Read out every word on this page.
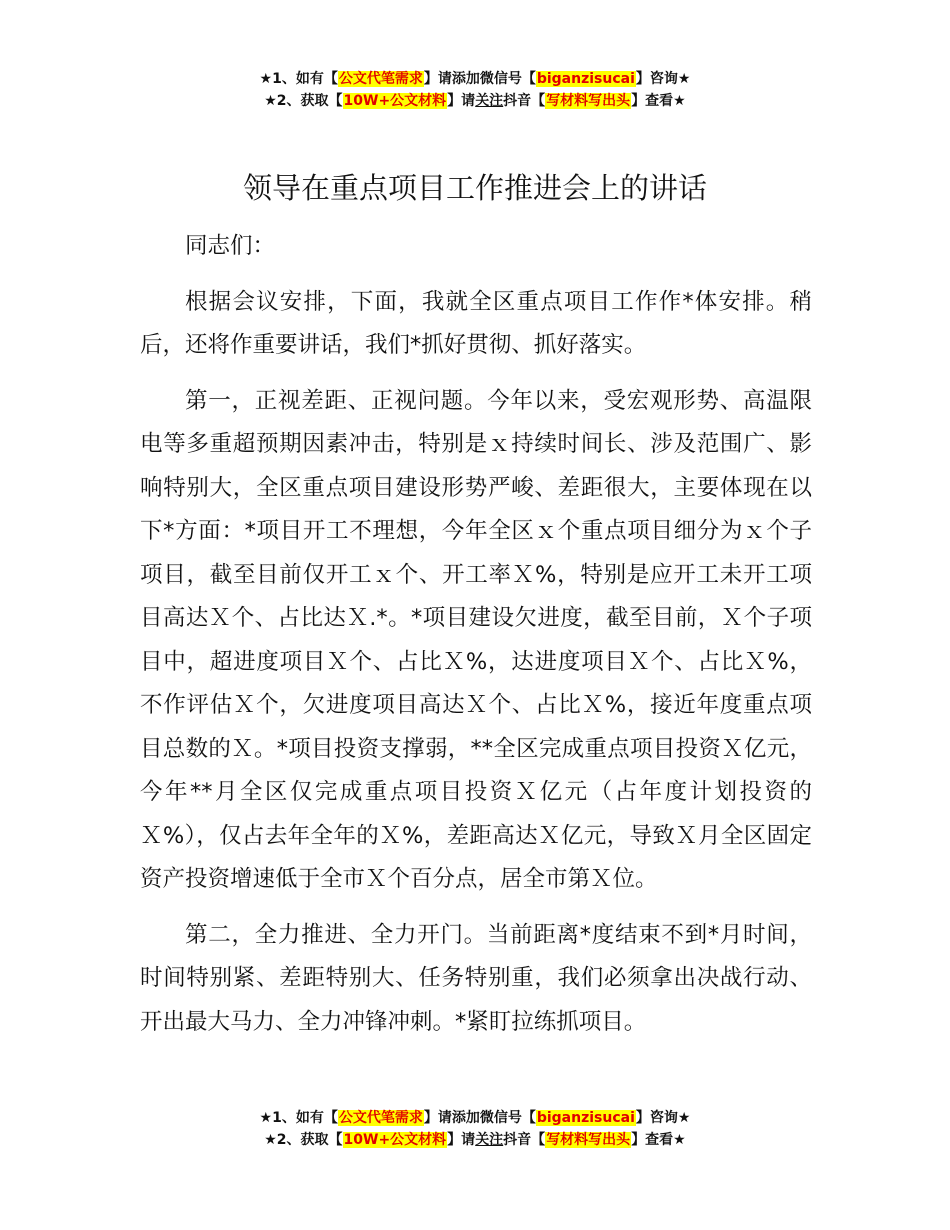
★1、如有【公文代笔需求】请添加微信号【biganzisucai】咨询★
★2、获取【10W+公文材料】请关注抖音【写材料写出头】查看★
领导在重点项目工作推进会上的讲话

同志们：

根据会议安排，下面，我就全区重点项目工作作*体安排。稍后，还将作重要讲话，我们*抓好贯彻、抓好落实。

第一，正视差距、正视问题。今年以来，受宏观形势、高温限电等多重超预期因素冲击，特别是ｘ持续时间长、涉及范围广、影响特别大，全区重点项目建设形势严峻、差距很大，主要体现在以下*方面：*项目开工不理想，今年全区ｘ个重点项目细分为ｘ个子项目，截至目前仅开工ｘ个、开工率Ｘ%，特别是应开工未开工项目高达Ｘ个、占比达Ｘ.*。*项目建设欠进度，截至目前，Ｘ个子项目中，超进度项目Ｘ个、占比Ｘ%，达进度项目Ｘ个、占比Ｘ%，不作评估Ｘ个，欠进度项目高达Ｘ个、占比Ｘ%，接近年度重点项目总数的Ｘ。*项目投资支撑弱，**全区完成重点项目投资Ｘ亿元，今年**月全区仅完成重点项目投资Ｘ亿元（占年度计划投资的Ｘ%），仅占去年全年的Ｘ%，差距高达Ｘ亿元，导致Ｘ月全区固定资产投资增速低于全市Ｘ个百分点，居全市第Ｘ位。

第二，全力推进、全力开门。当前距离*度结束不到*月时间，时间特别紧、差距特别大、任务特别重，我们必须拿出决战行动、开出最大马力、全力冲锋冲刺。*紧盯拉练抓项目。

★1、如有【公文代笔需求】请添加微信号【biganzisucai】咨询★
★2、获取【10W+公文材料】请关注抖音【写材料写出头】查看★
